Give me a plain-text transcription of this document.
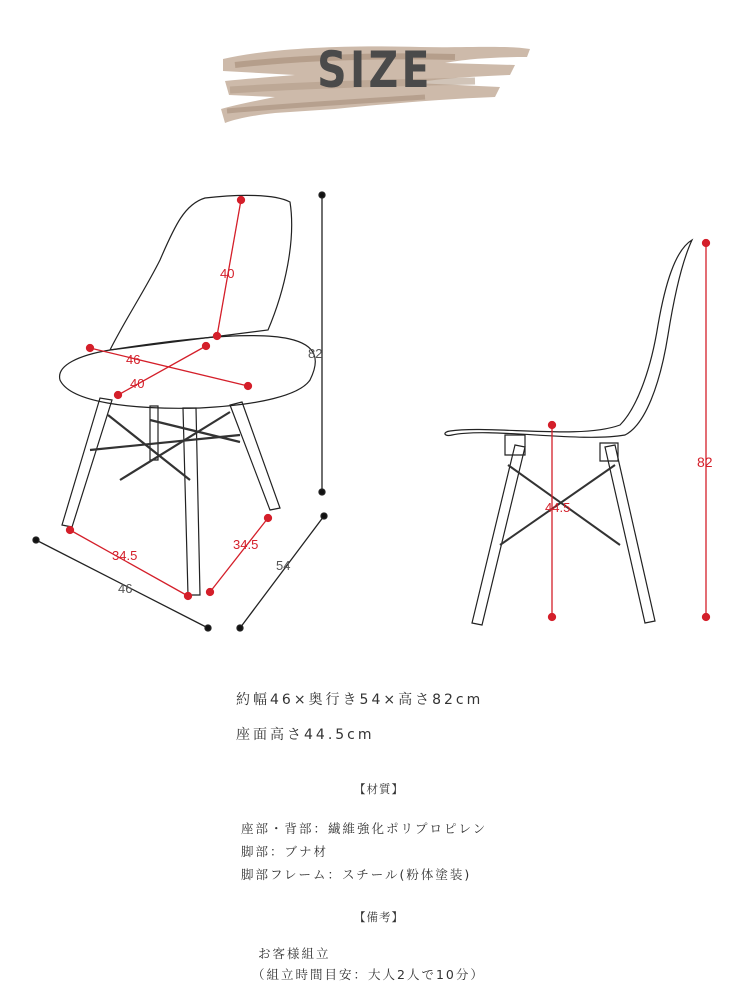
SIZE
82
40
46
40
34.5
34.5
46
54
82
44.5
約幅46×奥行き54×高さ82cm
座面高さ44.5cm
【材質】
座部・背部：繊維強化ポリプロピレン
脚部：ブナ材
脚部フレーム：スチール(粉体塗装)
【備考】
お客様組立
（組立時間目安：大人2人で10分）
